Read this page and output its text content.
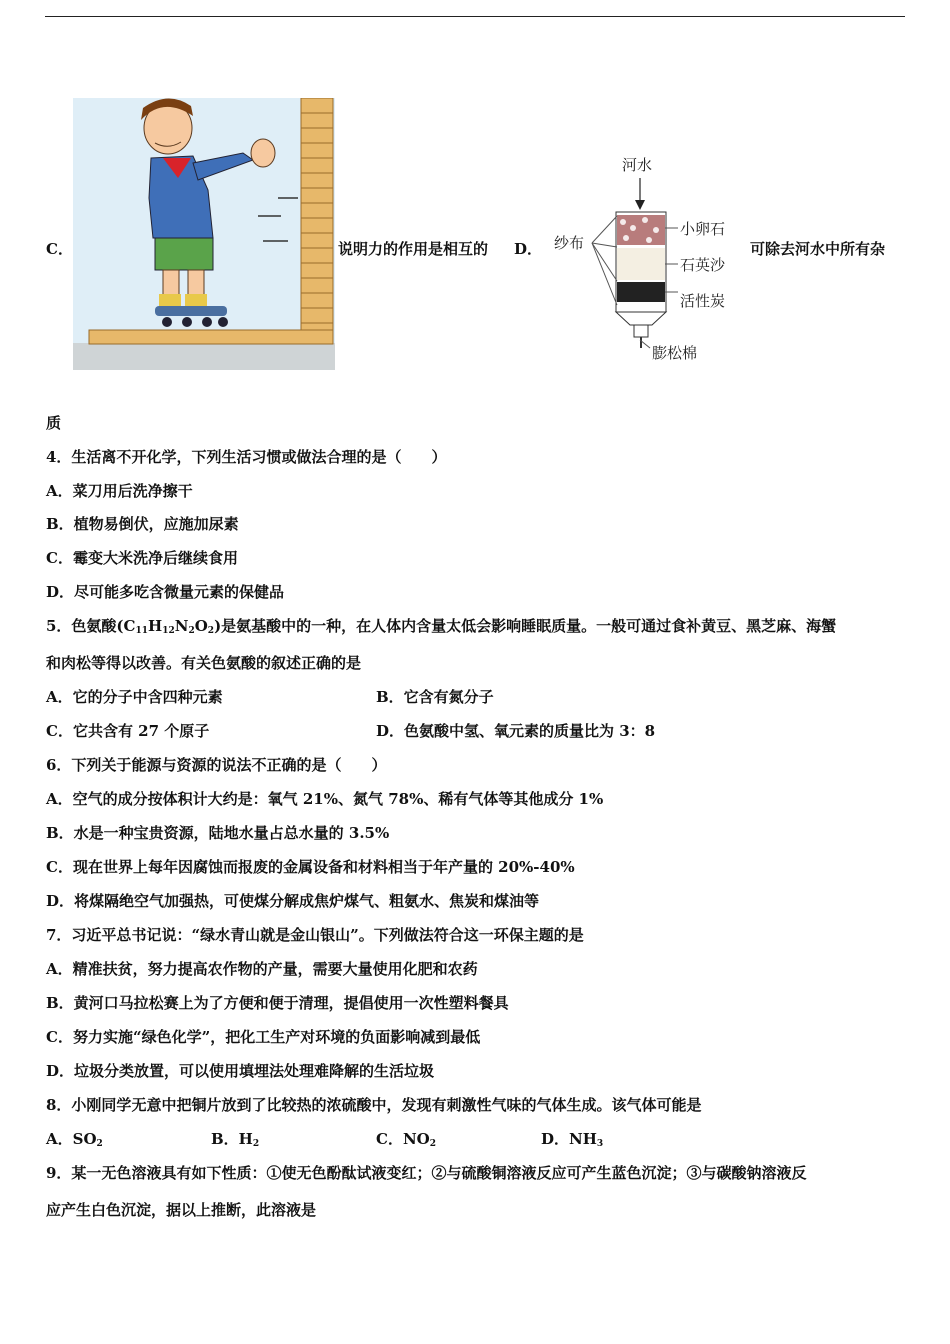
C．	说明力的作用是相互的 D．
河水
纱布
小卵石
石英沙
活性炭
膨松棉
可除去河水中所有杂
质
4．生活离不开化学，下列生活习惯或做法合理的是（　　）
A．菜刀用后洗净擦干
B．植物易倒伏，应施加尿素
C．霉变大米洗净后继续食用
D．尽可能多吃含微量元素的保健品
5．色氨酸$(C_{11}H_{12}N_2O_2)$是氨基酸中的一种，在人体内含量太低会影响睡眠质量。一般可通过食补黄豆、黑芝麻、海蟹
和肉松等得以改善。有关色氨酸的叙述正确的是
A．它的分子中含四种元素	B．它含有氮分子
C．它共含有 27 个原子	D．色氨酸中氢、氧元素的质量比为 3：8
6．下列关于能源与资源的说法不正确的是（　　）
A．空气的成分按体积计大约是：氧气 21%、氮气 78%、稀有气体等其他成分 1%
B．水是一种宝贵资源，陆地水量占总水量的 3.5%
C．现在世界上每年因腐蚀而报废的金属设备和材料相当于年产量的 20%-40%
D．将煤隔绝空气加强热，可使煤分解成焦炉煤气、粗氨水、焦炭和煤油等
7．习近平总书记说：“绿水青山就是金山银山”。下列做法符合这一环保主题的是
A．精准扶贫，努力提高农作物的产量，需要大量使用化肥和农药
B．黄河口马拉松赛上为了方便和便于清理，提倡使用一次性塑料餐具
C．努力实施“绿色化学”，把化工生产对环境的负面影响减到最低
D．垃圾分类放置，可以使用填埋法处理难降解的生活垃圾
8．小刚同学无意中把铜片放到了比较热的浓硫酸中，发现有刺激性气味的气体生成。该气体可能是
A．$SO_2$	B．$H_2$	C．$NO_2$	D．$NH_3$
9．某一无色溶液具有如下性质：①使无色酚酞试液变红；②与硫酸铜溶液反应可产生蓝色沉淀；③与碳酸钠溶液反
应产生白色沉淀，据以上推断，此溶液是
